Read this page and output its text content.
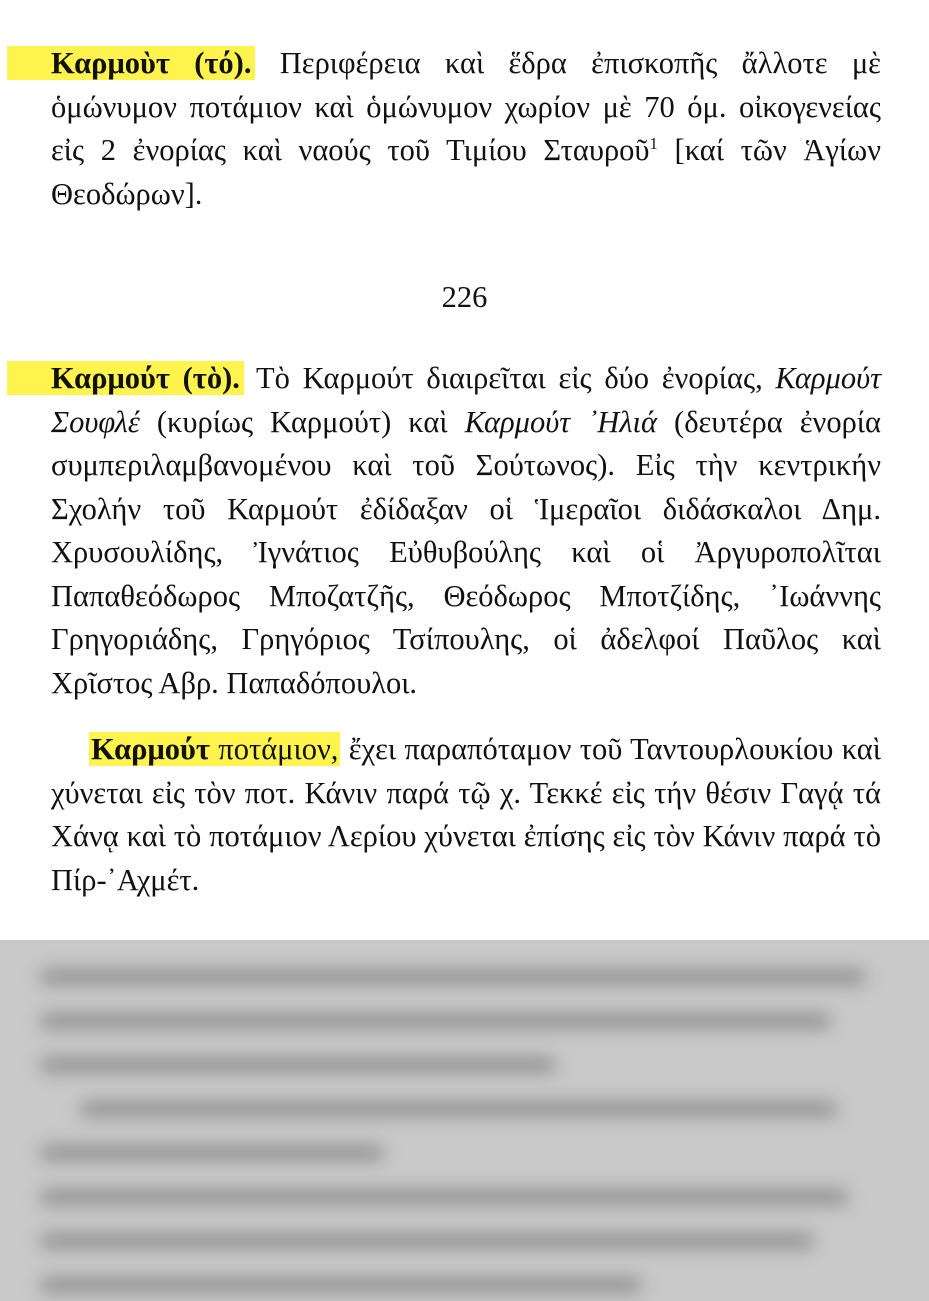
Καρμοὺτ (τό). Περιφέρεια καὶ ἕδρα ἐπισκοπῆς ἄλλοτε μὲ ὁμώνυμον ποτάμιον καὶ ὁμώνυμον χωρίον μὲ 70 όμ. οἰκογενείας εἰς 2 ἐνορίας καὶ ναούς τοῦ Τιμίου Σταυροῦ$^1$ [καί τῶν Ἁγίων Θεοδώρων].

226

Καρμούτ (τὸ). Τὸ Καρμούτ διαιρεῖται εἰς δύο ἐνορίας, Καρμούτ Σουφλέ (κυρίως Καρμούτ) καὶ Καρμούτ ᾽Ηλιά (δευτέρα ἐνορία συμπεριλαμβανομένου καὶ τοῦ Σούτωνος). Εἰς τὴν κεντρικήν Σχολήν τοῦ Καρμούτ ἐδίδαξαν οἱ Ἱμεραῖοι διδάσκαλοι Δημ. Χρυσουλίδης, Ἰγνάτιος Εὐθυβούλης καὶ οἱ Ἀργυροπολῖται Παπαθεόδωρος Μποζατζῆς, Θεόδωρος Μποτζίδης, ᾽Ιωάννης Γρηγοριάδης, Γρηγόριος Τσίπουλης, οἱ ἀδελφοί Παῦλος καὶ Χρῖστος Αβρ. Παπαδόπουλοι.

Καρμούτ ποτάμιον, ἔχει παραπόταμον τοῦ Ταντουρλουκίου καὶ χύνεται εἰς τὸν ποτ. Κάνιν παρά τῷ χ. Τεκκέ εἰς τήν θέσιν Γαγᾴ τά Χάνᾳ καὶ τὸ ποτάμιον Λερίου χύνεται ἐπίσης εἰς τὸν Κάνιν παρά τὸ Πίρ-᾽Αχμέτ.
